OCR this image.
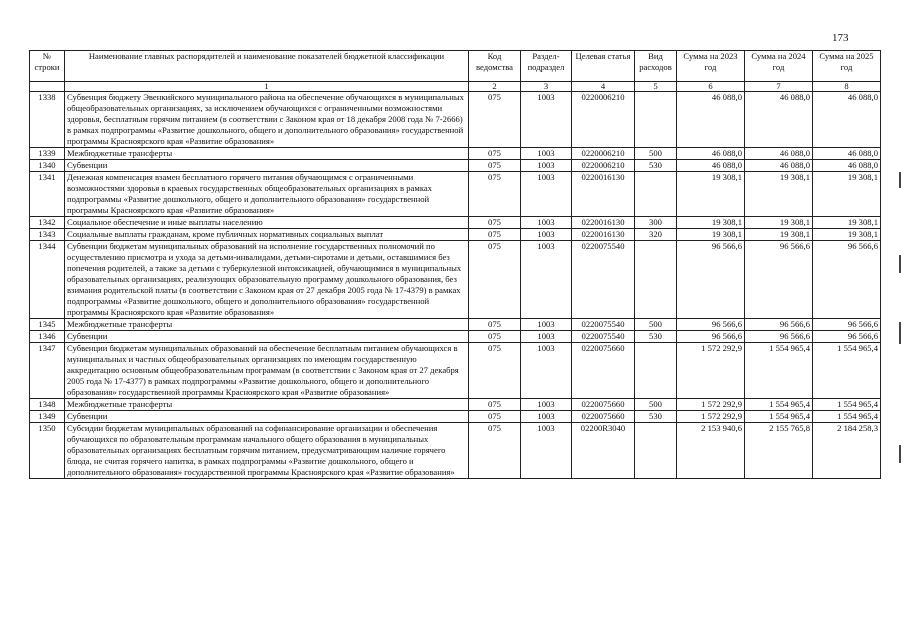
173
№ строки	Наименование главных распорядителей и наименование показателей бюджетной классификации	Код ведомства	Раздел-подраздел	Целевая статья	Вид расходов	Сумма на 2023 год	Сумма на 2024 год	Сумма на 2025 год
	1	2	3	4	5	6	7	8
1338	Субвенция бюджету Эвенкийского муниципального района на обеспечение обучающихся в муниципальных общеобразовательных организациях, за исключением обучающихся с ограниченными возможностями здоровья, бесплатным горячим питанием (в соответствии с Законом края от 18 декабря 2008 года № 7-2666) в рамках подпрограммы «Развитие дошкольного, общего и дополнительного образования» государственной программы Красноярского края «Развитие образования»	075	1003	0220006210		46 088,0	46 088,0	46 088,0
1339	Межбюджетные трансферты	075	1003	0220006210	500	46 088,0	46 088,0	46 088,0
1340	Субвенции	075	1003	0220006210	530	46 088,0	46 088,0	46 088,0
1341	Денежная компенсация взамен бесплатного горячего питания обучающимся с ограниченными возможностями здоровья в краевых государственных общеобразовательных организациях в рамках подпрограммы «Развитие дошкольного, общего и дополнительного образования» государственной программы Красноярского края «Развитие образования»	075	1003	0220016130		19 308,1	19 308,1	19 308,1
1342	Социальное обеспечение и иные выплаты населению	075	1003	0220016130	300	19 308,1	19 308,1	19 308,1
1343	Социальные выплаты гражданам, кроме публичных нормативных социальных выплат	075	1003	0220016130	320	19 308,1	19 308,1	19 308,1
1344	Субвенции бюджетам муниципальных образований на исполнение государственных полномочий по осуществлению присмотра и ухода за детьми-инвалидами, детьми-сиротами и детьми, оставшимися без попечения родителей, а также за детьми с туберкулезной интоксикацией, обучающимися в муниципальных образовательных организациях, реализующих образовательную программу дошкольного образования, без взимания родительской платы (в соответствии с Законом края от 27 декабря 2005 года № 17-4379) в рамках подпрограммы «Развитие дошкольного, общего и дополнительного образования» государственной программы Красноярского края «Развитие образования»	075	1003	0220075540		96 566,6	96 566,6	96 566,6
1345	Межбюджетные трансферты	075	1003	0220075540	500	96 566,6	96 566,6	96 566,6
1346	Субвенции	075	1003	0220075540	530	96 566,6	96 566,6	96 566,6
1347	Субвенции бюджетам муниципальных образований на обеспечение бесплатным питанием обучающихся в муниципальных и частных общеобразовательных организациях по имеющим государственную аккредитацию основным общеобразовательным программам (в соответствии с Законом края от 27 декабря 2005 года № 17-4377) в рамках подпрограммы «Развитие дошкольного, общего и дополнительного образования» государственной программы Красноярского края «Развитие образования»	075	1003	0220075660		1 572 292,9	1 554 965,4	1 554 965,4
1348	Межбюджетные трансферты	075	1003	0220075660	500	1 572 292,9	1 554 965,4	1 554 965,4
1349	Субвенции	075	1003	0220075660	530	1 572 292,9	1 554 965,4	1 554 965,4
1350	Субсидии бюджетам муниципальных образований на софинансирование организации и обеспечения обучающихся по образовательным программам начального общего образования в муниципальных образовательных организациях бесплатным горячим питанием, предусматривающим наличие горячего блюда, не считая горячего напитка, в рамках подпрограммы «Развитие дошкольного, общего и дополнительного образования» государственной программы Красноярского края «Развитие образования»	075	1003	02200R3040		2 153 940,6	2 155 765,8	2 184 258,3
